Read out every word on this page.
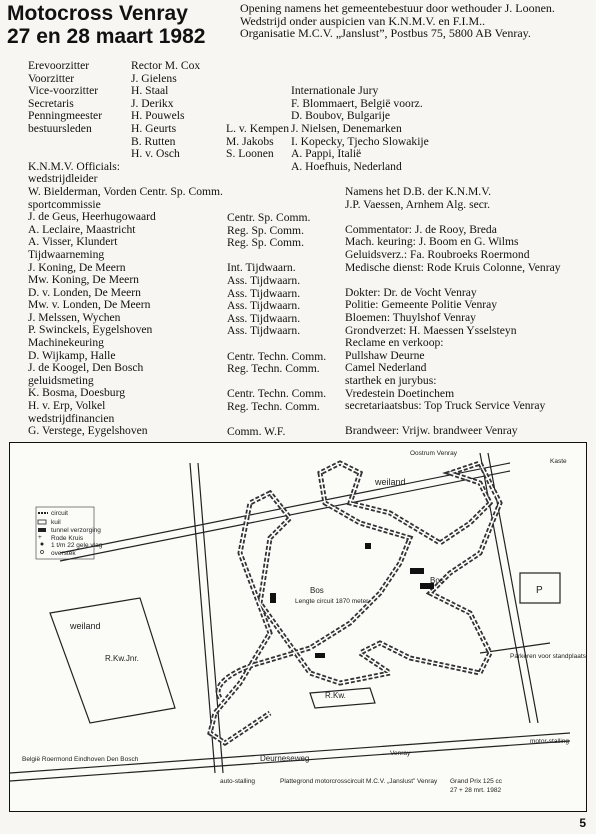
Motocross Venray
27 en 28 maart 1982
Opening namens het gemeentebestuur door wethouder J. Loonen.
Wedstrijd onder auspicien van K.N.M.V. en F.I.M..
Organisatie M.C.V. „Janslust”, Postbus 75, 5800 AB Venray.
Erevoorzitter
Voorzitter
Vice-voorzitter
Secretaris
Penningmeester
bestuursleden
K.N.M.V. Officials:
wedstrijdleider
W. Bielderman, Vorden Centr. Sp. Comm.
sportcommissie
J. de Geus, Heerhugowaard
A. Leclaire, Maastricht
A. Visser, Klundert
Tijdwaarneming
J. Koning, De Meern
Mw. Koning, De Meern
D. v. Londen, De Meern
Mw. v. Londen, De Meern
J. Melssen, Wychen
P. Swinckels, Eygelshoven
Machinekeuring
D. Wijkamp, Halle
J. de Koogel, Den Bosch
geluidsmeting
K. Bosma, Doesburg
H. v. Erp, Volkel
wedstrijdfinancien
G. Verstege, Eygelshoven
Rector M. Cox
J. Gielens
H. Staal
J. Derikx
H. Pouwels
H. Geurts
B. Rutten
H. v. Osch
L. v. Kempen
M. Jakobs
S. Loonen
Centr. Sp. Comm.
Reg. Sp. Comm.
Reg. Sp. Comm.
Int. Tijdwaarn.
Ass. Tijdwaarn.
Ass. Tijdwaarn.
Ass. Tijdwaarn.
Ass. Tijdwaarn.
Ass. Tijdwaarn.
Centr. Techn. Comm.
Reg. Techn. Comm.
Centr. Techn. Comm.
Reg. Techn. Comm.
Comm. W.F.
Internationale Jury
F. Blommaert, België voorz.
D. Boubov, Bulgarije
J. Nielsen, Denemarken
I. Kopecky, Tjecho Slowakije
A. Pappi, Italië
A. Hoefhuis, Nederland
Namens het D.B. der K.N.M.V.
J.P. Vaessen, Arnhem Alg. secr.
Commentator: J. de Rooy, Breda
Mach. keuring: J. Boom en G. Wilms
Geluidsverz.: Fa. Roubroeks Roermond
Medische dienst: Rode Kruis Colonne, Venray
Dokter: Dr. de Vocht Venray
Politie: Gemeente Politie Venray
Bloemen: Thuylshof Venray
Grondverzet: H. Maessen Ysselsteyn
Reclame en verkoop:
Pullshaw Deurne
Camel Nederland
starthek en jurybus:
Vredestein Doetinchem
secretariaatsbus: Top Truck Service Venray
Brandweer: Vrijw. brandweer Venray
+
circuit
kuil
tunnel verzorging
Rode Kruis
1 t/m 22 gele vlag
overstek
weiland
weiland
R.Kw.Jnr.
Bos
Lengte circuit 1870 meter
Bos
R.Kw.
P
Deurneseweg
Grand Prix 125 cc
27 + 28 mrt. 1982
Plattegrond motorcrosscircuit M.C.V. „Janslust” Venray
België Roermond Eindhoven Den Bosch
Venray
Oostrum Venray
Kaste
auto-stalling
motor-stalling
Parkeren voor standplaatsen
5
